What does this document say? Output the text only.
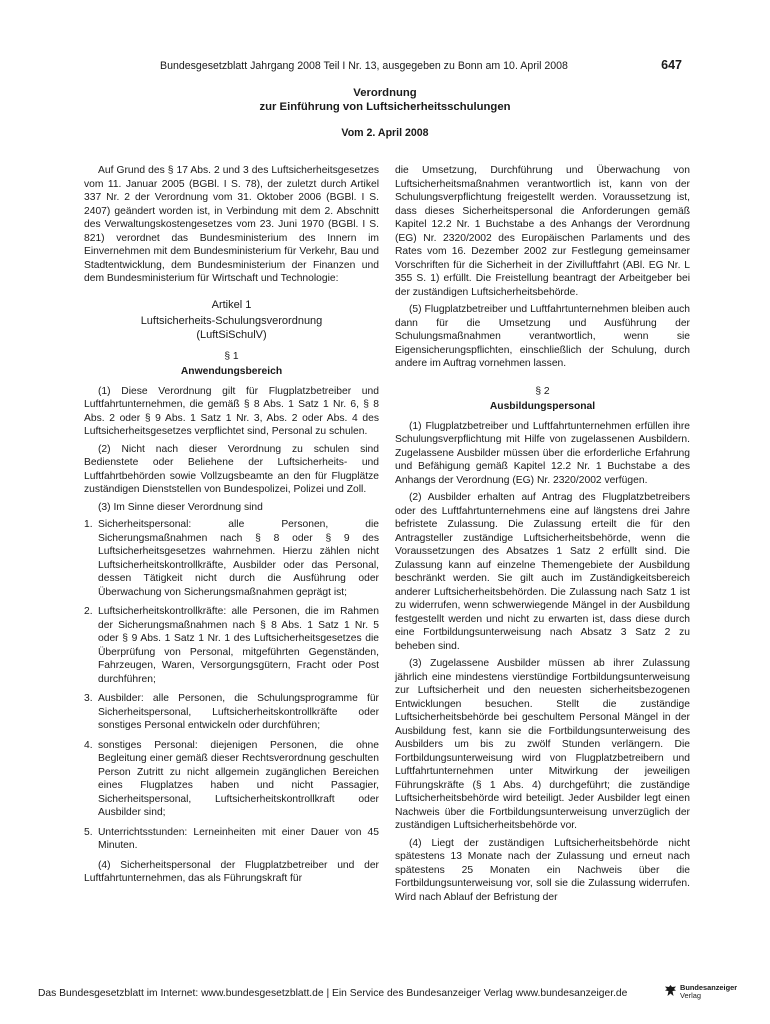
Bundesgesetzblatt Jahrgang 2008 Teil I Nr. 13, ausgegeben zu Bonn am 10. April 2008	647
Verordnung
zur Einführung von Luftsicherheitsschulungen
Vom 2. April 2008

Auf Grund des § 17 Abs. 2 und 3 des Luftsicherheitsgesetzes vom 11. Januar 2005 (BGBl. I S. 78), der zuletzt durch Artikel 337 Nr. 2 der Verordnung vom 31. Oktober 2006 (BGBl. I S. 2407) geändert worden ist, in Verbindung mit dem 2. Abschnitt des Verwaltungskostengesetzes vom 23. Juni 1970 (BGBl. I S. 821) verordnet das Bundesministerium des Innern im Einvernehmen mit dem Bundesministerium für Verkehr, Bau und Stadtentwicklung, dem Bundesministerium der Finanzen und dem Bundesministerium für Wirtschaft und Technologie:

Artikel 1
Luftsicherheits-Schulungsverordnung
(LuftSiSchulV)
§ 1
Anwendungsbereich

(1) Diese Verordnung gilt für Flugplatzbetreiber und Luftfahrtunternehmen, die gemäß § 8 Abs. 1 Satz 1 Nr. 6, § 8 Abs. 2 oder § 9 Abs. 1 Satz 1 Nr. 3, Abs. 2 oder Abs. 4 des Luftsicherheitsgesetzes verpflichtet sind, Personal zu schulen.

(2) Nicht nach dieser Verordnung zu schulen sind Bedienstete oder Beliehene der Luftsicherheits- und Luftfahrtbehörden sowie Vollzugsbeamte an den für Flugplätze zuständigen Dienststellen von Bundespolizei, Polizei und Zoll.

(3) Im Sinne dieser Verordnung sind

1. Sicherheitspersonal: alle Personen, die Sicherungsmaßnahmen nach § 8 oder § 9 des Luftsicherheitsgesetzes wahrnehmen. Hierzu zählen nicht Luftsicherheitskontrollkräfte, Ausbilder oder das Personal, dessen Tätigkeit nicht durch die Ausführung oder Überwachung von Sicherungsmaßnahmen geprägt ist;
2. Luftsicherheitskontrollkräfte: alle Personen, die im Rahmen der Sicherungsmaßnahmen nach § 8 Abs. 1 Satz 1 Nr. 5 oder § 9 Abs. 1 Satz 1 Nr. 1 des Luftsicherheitsgesetzes die Überprüfung von Personal, mitgeführten Gegenständen, Fahrzeugen, Waren, Versorgungsgütern, Fracht oder Post durchführen;
3. Ausbilder: alle Personen, die Schulungsprogramme für Sicherheitspersonal, Luftsicherheitskontrollkräfte oder sonstiges Personal entwickeln oder durchführen;
4. sonstiges Personal: diejenigen Personen, die ohne Begleitung einer gemäß dieser Rechtsverordnung geschulten Person Zutritt zu nicht allgemein zugänglichen Bereichen eines Flugplatzes haben und nicht Passagier, Sicherheitspersonal, Luftsicherheitskontrollkraft oder Ausbilder sind;
5. Unterrichtsstunden: Lerneinheiten mit einer Dauer von 45 Minuten.

(4) Sicherheitspersonal der Flugplatzbetreiber und der Luftfahrtunternehmen, das als Führungskraft für

die Umsetzung, Durchführung und Überwachung von Luftsicherheitsmaßnahmen verantwortlich ist, kann von der Schulungsverpflichtung freigestellt werden. Voraussetzung ist, dass dieses Sicherheitspersonal die Anforderungen gemäß Kapitel 12.2 Nr. 1 Buchstabe a des Anhangs der Verordnung (EG) Nr. 2320/2002 des Europäischen Parlaments und des Rates vom 16. Dezember 2002 zur Festlegung gemeinsamer Vorschriften für die Sicherheit in der Zivilluftfahrt (ABl. EG Nr. L 355 S. 1) erfüllt. Die Freistellung beantragt der Arbeitgeber bei der zuständigen Luftsicherheitsbehörde.

(5) Flugplatzbetreiber und Luftfahrtunternehmen bleiben auch dann für die Umsetzung und Ausführung der Schulungsmaßnahmen verantwortlich, wenn sie Eigensicherungspflichten, einschließlich der Schulung, durch andere im Auftrag vornehmen lassen.

§ 2
Ausbildungspersonal

(1) Flugplatzbetreiber und Luftfahrtunternehmen erfüllen ihre Schulungsverpflichtung mit Hilfe von zugelassenen Ausbildern. Zugelassene Ausbilder müssen über die erforderliche Erfahrung und Befähigung gemäß Kapitel 12.2 Nr. 1 Buchstabe a des Anhangs der Verordnung (EG) Nr. 2320/2002 verfügen.

(2) Ausbilder erhalten auf Antrag des Flugplatzbetreibers oder des Luftfahrtunternehmens eine auf längstens drei Jahre befristete Zulassung. Die Zulassung erteilt die für den Antragsteller zuständige Luftsicherheitsbehörde, wenn die Voraussetzungen des Absatzes 1 Satz 2 erfüllt sind. Die Zulassung kann auf einzelne Themengebiete der Ausbildung beschränkt werden. Sie gilt auch im Zuständigkeitsbereich anderer Luftsicherheitsbehörden. Die Zulassung nach Satz 1 ist zu widerrufen, wenn schwerwiegende Mängel in der Ausbildung festgestellt werden und nicht zu erwarten ist, dass diese durch eine Fortbildungsunterweisung nach Absatz 3 Satz 2 zu beheben sind.

(3) Zugelassene Ausbilder müssen ab ihrer Zulassung jährlich eine mindestens vierstündige Fortbildungsunterweisung zur Luftsicherheit und den neuesten sicherheitsbezogenen Entwicklungen besuchen. Stellt die zuständige Luftsicherheitsbehörde bei geschultem Personal Mängel in der Ausbildung fest, kann sie die Fortbildungsunterweisung des Ausbilders um bis zu zwölf Stunden verlängern. Die Fortbildungsunterweisung wird von Flugplatzbetreibern und Luftfahrtunternehmen unter Mitwirkung der jeweiligen Führungskräfte (§ 1 Abs. 4) durchgeführt; die zuständige Luftsicherheitsbehörde wird beteiligt. Jeder Ausbilder legt einen Nachweis über die Fortbildungsunterweisung unverzüglich der zuständigen Luftsicherheitsbehörde vor.

(4) Liegt der zuständigen Luftsicherheitsbehörde nicht spätestens 13 Monate nach der Zulassung und erneut nach spätestens 25 Monaten ein Nachweis über die Fortbildungsunterweisung vor, soll sie die Zulassung widerrufen. Wird nach Ablauf der Befristung der

Das Bundesgesetzblatt im Internet: www.bundesgesetzblatt.de | Ein Service des Bundesanzeiger Verlag www.bundesanzeiger.de
Bundesanzeiger
Verlag
